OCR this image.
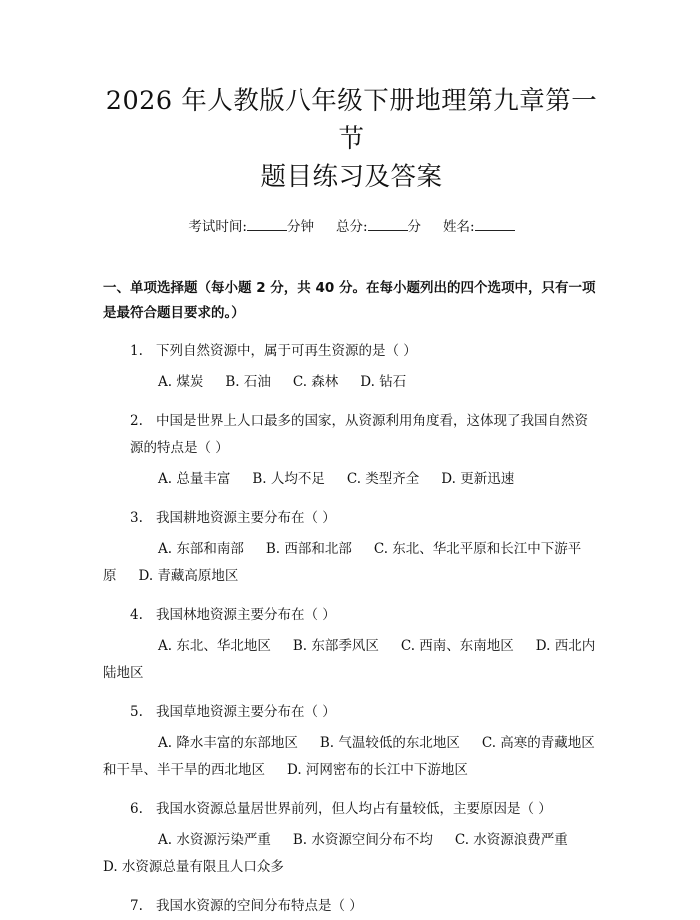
2026 年人教版八年级下册地理第九章第一节
题目练习及答案
考试时间:	分钟 总分:	分 姓名:
一、单项选择题（每小题 2 分，共 40 分。在每小题列出的四个选项中，只有一项是最符合题目要求的。）
1. 下列自然资源中，属于可再生资源的是（ ）
A. 煤炭 B. 石油 C. 森林 D. 钻石
2. 中国是世界上人口最多的国家，从资源利用角度看，这体现了我国自然资源的特点是（ ）
A. 总量丰富 B. 人均不足 C. 类型齐全 D. 更新迅速
3. 我国耕地资源主要分布在（ ）
A. 东部和南部 B. 西部和北部 C. 东北、华北平原和长江中下游平原 D. 青藏高原地区
4. 我国林地资源主要分布在（ ）
A. 东北、华北地区 B. 东部季风区 C. 西南、东南地区 D. 西北内陆地区
5. 我国草地资源主要分布在（ ）
A. 降水丰富的东部地区 B. 气温较低的东北地区 C. 高寒的青藏地区和干旱、半干旱的西北地区 D. 河网密布的长江中下游地区
6. 我国水资源总量居世界前列，但人均占有量较低，主要原因是（ ）
A. 水资源污染严重 B. 水资源空间分布不均 C. 水资源浪费严重D. 水资源总量有限且人口众多
7. 我国水资源的空间分布特点是（ ）
